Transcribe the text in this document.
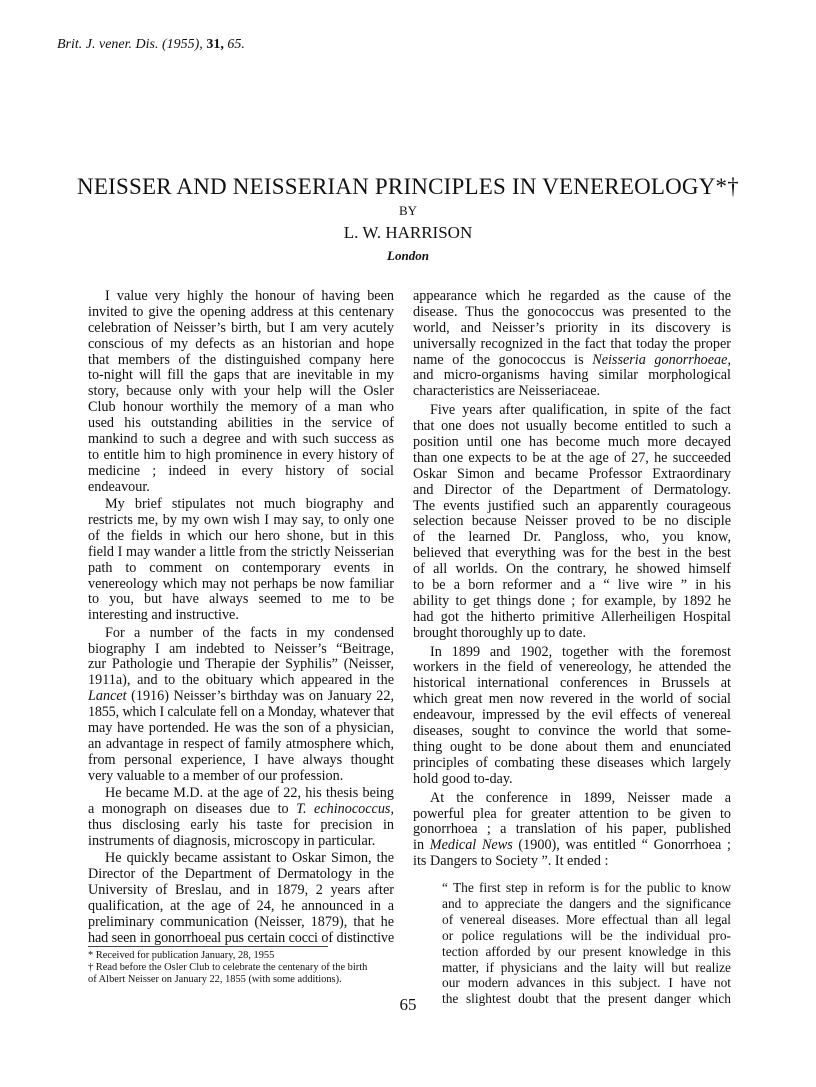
Brit. J. vener. Dis. (1955), 31, 65.
NEISSER AND NEISSERIAN PRINCIPLES IN VENEREOLOGY*†
BY
L. W. HARRISON
London
I value very highly the honour of having been
invited to give the opening address at this centenary
celebration of Neisser’s birth, but I am very acutely
conscious of my defects as an historian and hope
that members of the distinguished company here
to-night will fill the gaps that are inevitable in my
story, because only with your help will the Osler
Club honour worthily the memory of a man who
used his outstanding abilities in the service of
mankind to such a degree and with such success as
to entitle him to high prominence in every history of
medicine ; indeed in every history of social
endeavour.
My brief stipulates not much biography and
restricts me, by my own wish I may say, to only one
of the fields in which our hero shone, but in this
field I may wander a little from the strictly Neisserian
path to comment on contemporary events in
venereology which may not perhaps be now familiar
to you, but have always seemed to me to be
interesting and instructive.
For a number of the facts in my condensed
biography I am indebted to Neisser’s “Beitrage,
zur Pathologie und Therapie der Syphilis” (Neisser,
1911a), and to the obituary which appeared in the
Lancet (1916) Neisser’s birthday was on January 22,
1855, which I calculate fell on a Monday, whatever that
may have portended. He was the son of a physician,
an advantage in respect of family atmosphere which,
from personal experience, I have always thought
very valuable to a member of our profession.
He became M.D. at the age of 22, his thesis being
a monograph on diseases due to T. echinococcus,
thus disclosing early his taste for precision in
instruments of diagnosis, microscopy in particular.
He quickly became assistant to Oskar Simon, the
Director of the Department of Dermatology in the
University of Breslau, and in 1879, 2 years after
qualification, at the age of 24, he announced in a
preliminary communication (Neisser, 1879), that he
had seen in gonorrhoeal pus certain cocci of distinctive
appearance which he regarded as the cause of the
disease. Thus the gonococcus was presented to the
world, and Neisser’s priority in its discovery is
universally recognized in the fact that today the proper
name of the gonococcus is Neisseria gonorrhoeae,
and micro-organisms having similar morphological
characteristics are Neisseriaceae.
Five years after qualification, in spite of the fact
that one does not usually become entitled to such a
position until one has become much more decayed
than one expects to be at the age of 27, he succeeded
Oskar Simon and became Professor Extraordinary
and Director of the Department of Dermatology.
The events justified such an apparently courageous
selection because Neisser proved to be no disciple
of the learned Dr. Pangloss, who, you know,
believed that everything was for the best in the best
of all worlds. On the contrary, he showed himself
to be a born reformer and a “ live wire ” in his
ability to get things done ; for example, by 1892 he
had got the hitherto primitive Allerheiligen Hospital
brought thoroughly up to date.
In 1899 and 1902, together with the foremost
workers in the field of venereology, he attended the
historical international conferences in Brussels at
which great men now revered in the world of social
endeavour, impressed by the evil effects of venereal
diseases, sought to convince the world that some-
thing ought to be done about them and enunciated
principles of combating these diseases which largely
hold good to-day.
At the conference in 1899, Neisser made a
powerful plea for greater attention to be given to
gonorrhoea ; a translation of his paper, published
in Medical News (1900), was entitled “ Gonorrhoea ;
its Dangers to Society ”. It ended :
“ The first step in reform is for the public to know
and to appreciate the dangers and the significance
of venereal diseases. More effectual than all legal
or police regulations will be the individual pro-
tection afforded by our present knowledge in this
matter, if physicians and the laity will but realize
our modern advances in this subject. I have not
the slightest doubt that the present danger which
* Received for publication January, 28, 1955
† Read before the Osler Club to celebrate the centenary of the birth
of Albert Neisser on January 22, 1855 (with some additions).
65
